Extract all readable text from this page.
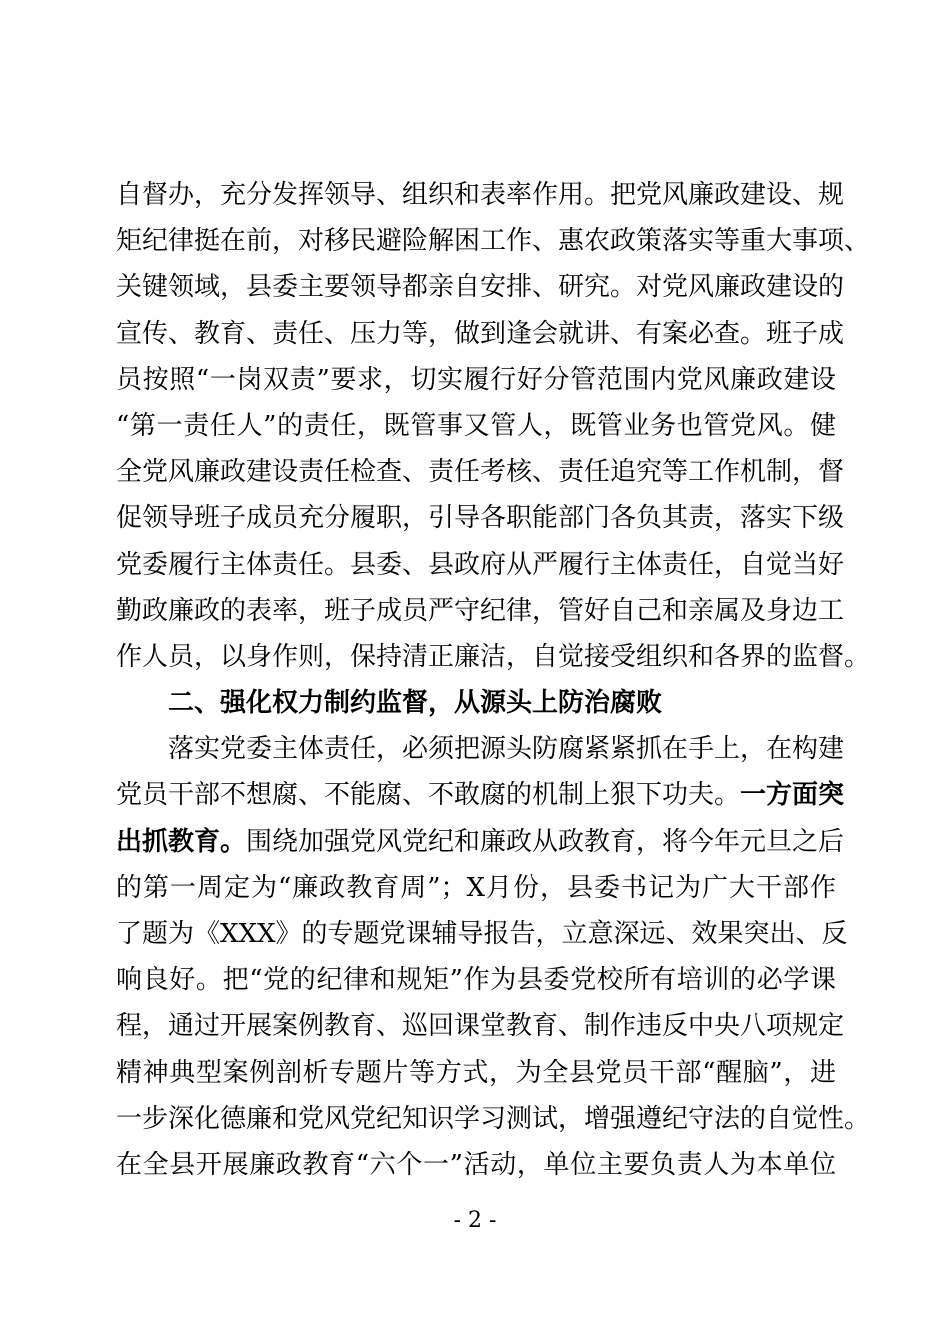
自督办，充分发挥领导、组织和表率作用。把党风廉政建设、规
矩纪律挺在前，对移民避险解困工作、惠农政策落实等重大事项、
关键领域，县委主要领导都亲自安排、研究。对党风廉政建设的
宣传、教育、责任、压力等，做到逢会就讲、有案必查。班子成
员按照“一岗双责”要求，切实履行好分管范围内党风廉政建设
“第一责任人”的责任，既管事又管人，既管业务也管党风。健
全党风廉政建设责任检查、责任考核、责任追究等工作机制，督
促领导班子成员充分履职，引导各职能部门各负其责，落实下级
党委履行主体责任。县委、县政府从严履行主体责任，自觉当好
勤政廉政的表率，班子成员严守纪律，管好自己和亲属及身边工
作人员，以身作则，保持清正廉洁，自觉接受组织和各界的监督。
二、强化权力制约监督，从源头上防治腐败
落实党委主体责任，必须把源头防腐紧紧抓在手上，在构建
党员干部不想腐、不能腐、不敢腐的机制上狠下功夫。一方面突
出抓教育。围绕加强党风党纪和廉政从政教育，将今年元旦之后
的第一周定为“廉政教育周”；X月份，县委书记为广大干部作
了题为《XXX》的专题党课辅导报告，立意深远、效果突出、反
响良好。把“党的纪律和规矩”作为县委党校所有培训的必学课
程，通过开展案例教育、巡回课堂教育、制作违反中央八项规定
精神典型案例剖析专题片等方式，为全县党员干部“醒脑”，进
一步深化德廉和党风党纪知识学习测试，增强遵纪守法的自觉性。
在全县开展廉政教育“六个一”活动，单位主要负责人为本单位
- 2 -
